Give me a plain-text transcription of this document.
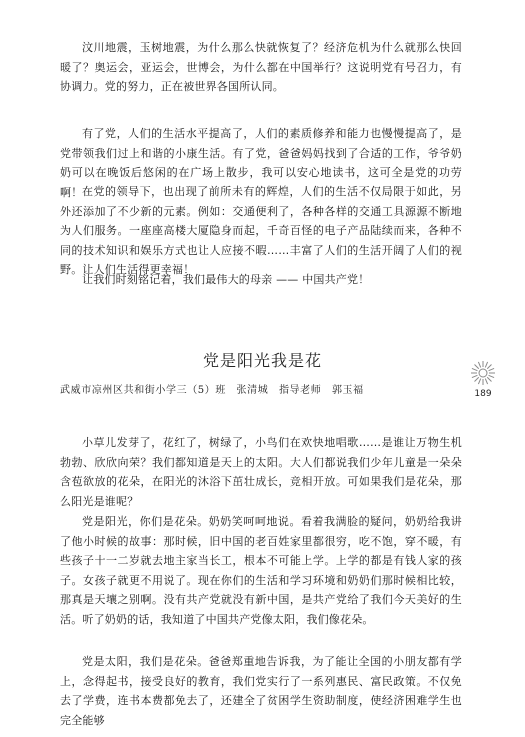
汶川地震，玉树地震，为什么那么快就恢复了？经济危机为什么就那么快回暖了？奥运会，亚运会，世博会，为什么都在中国举行？这说明党有号召力，有协调力。党的努力，正在被世界各国所认同。
有了党，人们的生活水平提高了，人们的素质修养和能力也慢慢提高了，是党带领我们过上和谐的小康生活。有了党，爸爸妈妈找到了合适的工作，爷爷奶奶可以在晚饭后悠闲的在广场上散步，我可以安心地读书，这可全是党的功劳啊！ 在党的领导下，也出现了前所未有的辉煌，人们的生活不仅局限于如此，另外还添加了不少新的元素。例如：交通便利了，各种各样的交通工具源源不断地为人们服务。一座座高楼大厦隐身而起，千奇百怪的电子产品陆续而来，各种不同的技术知识和娱乐方式也让人应接不暇……丰富了人们的生活开阔了人们的视野。让人们生活得更幸福！
让我们时刻铭记着，我们最伟大的母亲 —— 中国共产党！
党是阳光我是花
武威市凉州区共和街小学三（5）班　张清城　指导老师　郭玉福	189
小草儿发芽了，花红了，树绿了，小鸟们在欢快地唱歌……是谁让万物生机勃勃、欣欣向荣？我们都知道是天上的太阳。大人们都说我们少年儿童是一朵朵含苞欲放的花朵，在阳光的沐浴下茁壮成长，竞相开放。可如果我们是花朵，那么阳光是谁呢？
党是阳光，你们是花朵。奶奶笑呵呵地说。看着我满脸的疑问，奶奶给我讲了他小时候的故事：那时候，旧中国的老百姓家里都很穷，吃不饱，穿不暖，有些孩子十一二岁就去地主家当长工，根本不可能上学。上学的都是有钱人家的孩子。女孩子就更不用说了。现在你们的生活和学习环境和奶奶们那时候相比较，那真是天壤之别啊。没有共产党就没有新中国，是共产党给了我们今天美好的生活。听了奶奶的话，我知道了中国共产党像太阳，我们像花朵。
党是太阳，我们是花朵。爸爸郑重地告诉我，为了能让全国的小朋友都有学上，念得起书，接受良好的教育，我们党实行了一系列惠民、富民政策。不仅免去了学费，连书本费都免去了，还建全了贫困学生资助制度，使经济困难学生也完全能够
